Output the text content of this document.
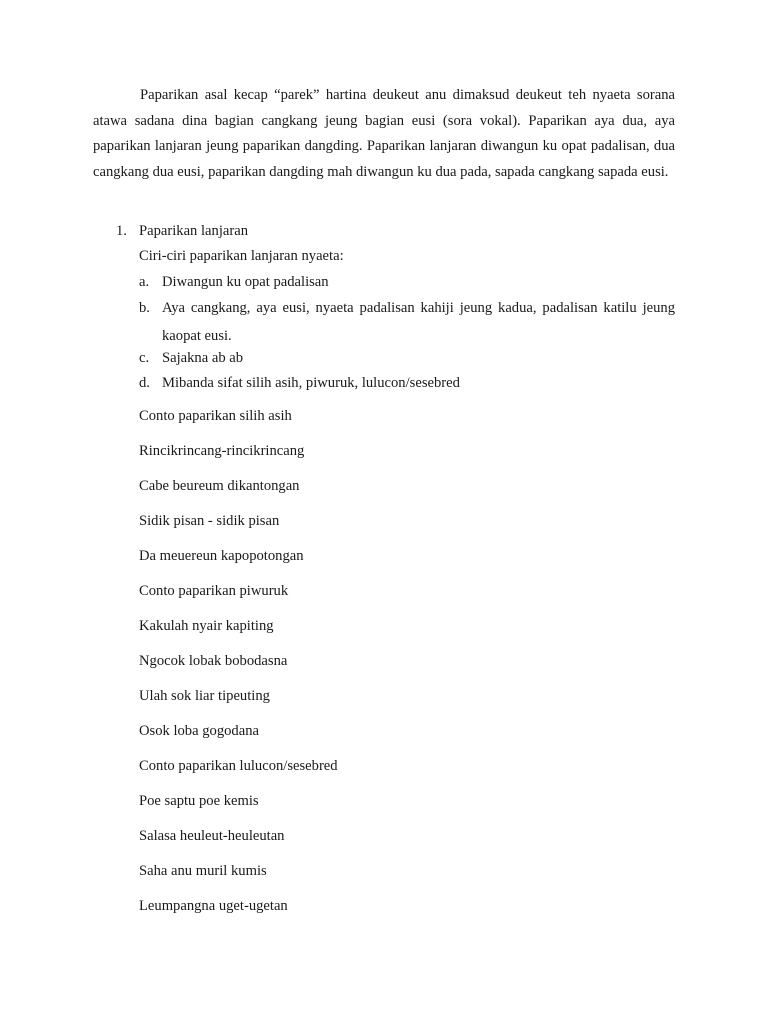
Paparikan asal kecap “parek” hartina deukeut anu dimaksud deukeut teh nyaeta sorana atawa sadana dina bagian cangkang jeung bagian eusi (sora vokal). Paparikan aya dua, aya paparikan lanjaran jeung paparikan dangding. Paparikan lanjaran diwangun ku opat padalisan, dua cangkang dua eusi, paparikan dangding mah diwangun ku dua pada, sapada cangkang sapada eusi.

1. Paparikan lanjaran
Ciri-ciri paparikan lanjaran nyaeta:
a. Diwangun ku opat padalisan
b. Aya cangkang, aya eusi, nyaeta padalisan kahiji jeung kadua, padalisan katilu jeung kaopat eusi.
c. Sajakna ab ab
d. Mibanda sifat silih asih, piwuruk, lulucon/sesebred
Conto paparikan silih asih
Rincikrincang-rincikrincang
Cabe beureum dikantongan
Sidik pisan - sidik pisan
Da meuereun kapopotongan
Conto paparikan piwuruk
Kakulah nyair kapiting
Ngocok lobak bobodasna
Ulah sok liar tipeuting
Osok loba gogodana
Conto paparikan lulucon/sesebred
Poe saptu poe kemis
Salasa heuleut-heuleutan
Saha anu muril kumis
Leumpangna uget-ugetan
